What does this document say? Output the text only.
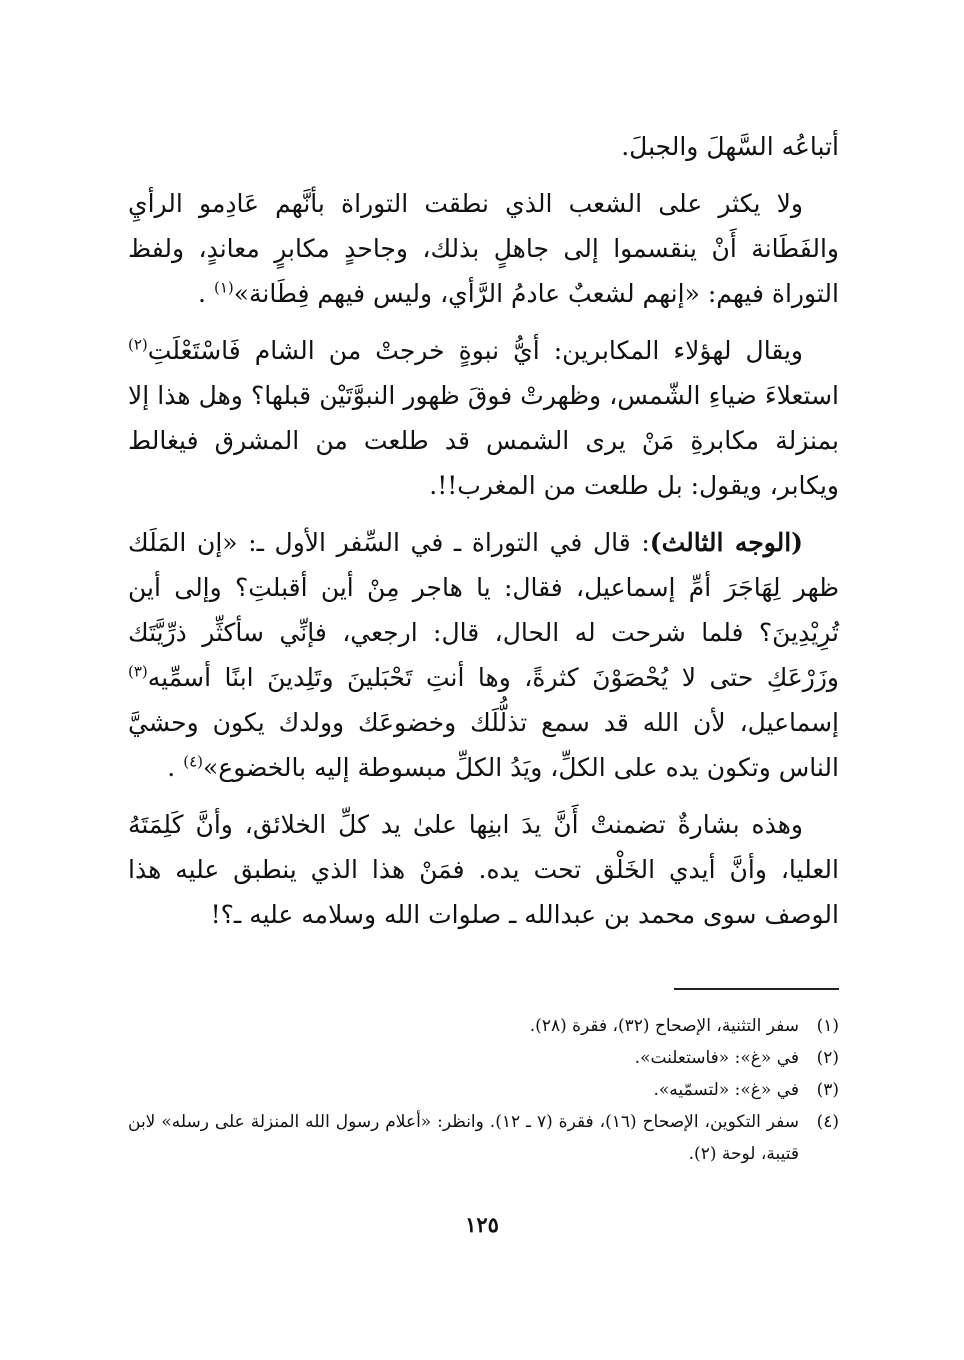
أتباعُه السَّهلَ والجبلَ.

ولا يكثر على الشعب الذي نطقت التوراة بأنَّهم عَادِمو الرأيِ والفَطَانة أَنْ ينقسموا إلى جاهلٍ بذلك، وجاحدٍ مكابرٍ معاندٍ، ولفظ التوراة فيهم: «إنهم لشعبٌ عادمُ الرَّأي، وليس فيهم فِطَانة»$^{(١)}$ .

ويقال لهؤلاء المكابرين: أيُّ نبوةٍ خرجتْ من الشام فَاسْتَعْلَتِ$^{(٢)}$ استعلاءَ ضياءِ الشّمس، وظهرتْ فوقَ ظهور النبوَّتَيْن قبلها؟ وهل هذا إلا بمنزلة مكابرةِ مَنْ يرى الشمس قد طلعت من المشرق فيغالط ويكابر، ويقول: بل طلعت من المغرب!!.

(الوجه الثالث): قال في التوراة ـ في السِّفر الأول ـ: «إن المَلَك ظهر لِهَاجَرَ أمِّ إسماعيل، فقال: يا هاجر مِنْ أين أقبلتِ؟ وإلى أين تُرِيْدِينَ؟ فلما شرحت له الحال، قال: ارجعي، فإنِّي سأكثِّر ذرِّيَّتَك وزَرْعَكِ حتى لا يُحْصَوْنَ كثرةً، وها أنتِ تَحْبَلينَ وتَلِدينَ ابنًا أسمِّيه$^{(٣)}$ إسماعيل، لأن الله قد سمع تذلُّلَك وخضوعَك وولدك يكون وحشيَّ الناس وتكون يده على الكلِّ، ويَدُ الكلِّ مبسوطة إليه بالخضوع»$^{(٤)}$ .

وهذه بشارةٌ تضمنتْ أَنَّ يدَ ابنِها علىٰ يد كلِّ الخلائق، وأنَّ كَلِمَتَهُ العليا، وأنَّ أيدي الخَلْق تحت يده. فمَنْ هذا الذي ينطبق عليه هذا الوصف سوى محمد بن عبدالله ـ صلوات الله وسلامه عليه ـ؟!

(١)
سفر التثنية، الإصحاح (٣٢)، فقرة (٢٨).
(٢)
في «غ»: «فاستعلنت».
(٣)
في «غ»: «لتسمّيه».
(٤)
سفر التكوين، الإصحاح (١٦)، فقرة (٧ ـ ١٢). وانظر: «أعلام رسول الله المنزلة على رسله» لابن قتيبة، لوحة (٢).
١٢٥
